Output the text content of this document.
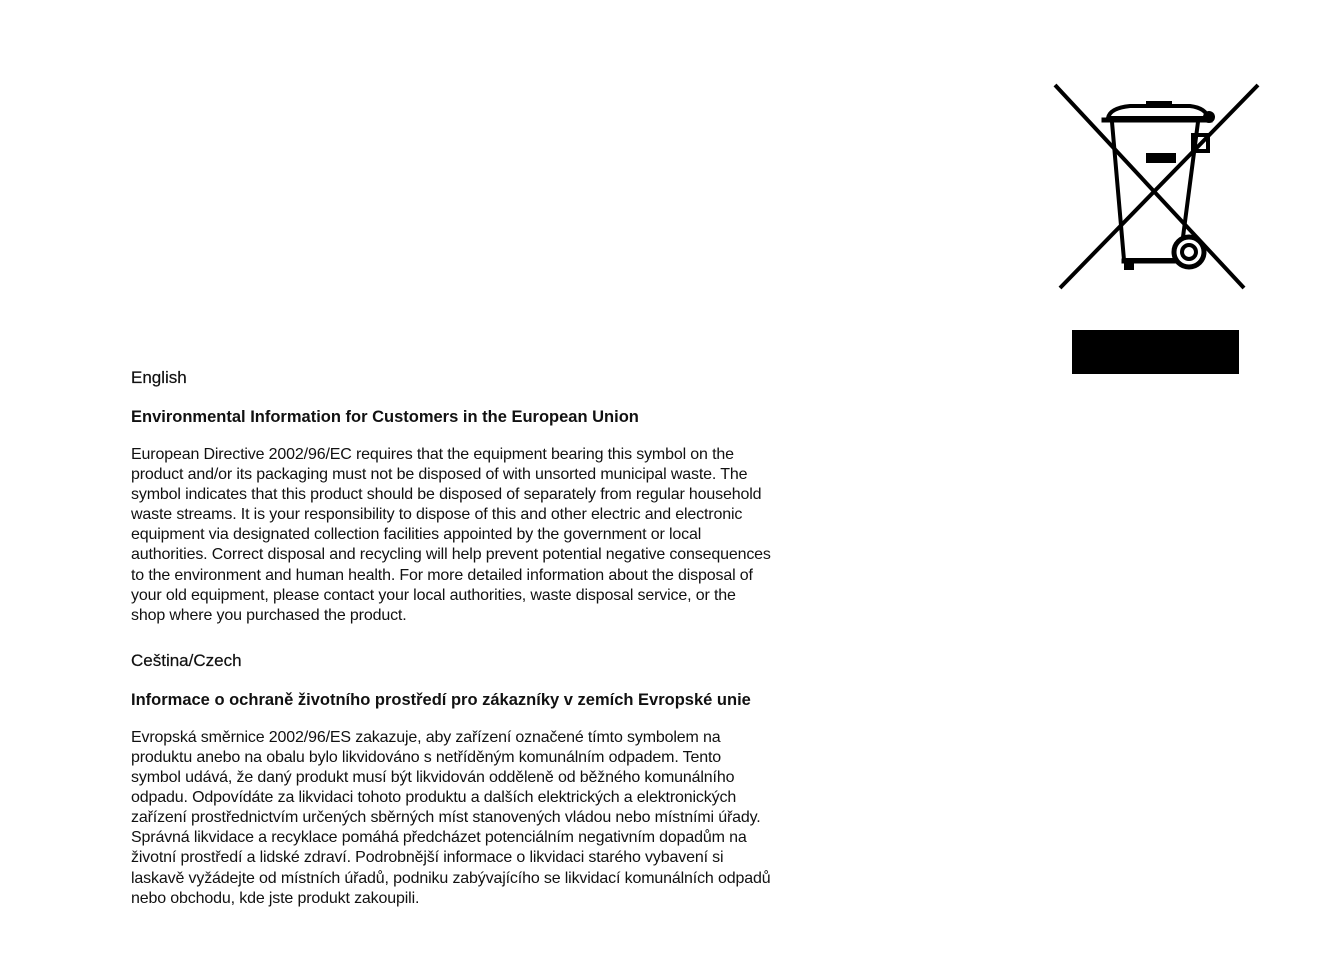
English
Environmental Information for Customers in the European Union

European Directive 2002/96/EC requires that the equipment bearing this symbol on the product and/or its packaging must not be disposed of with unsorted municipal waste. The symbol indicates that this product should be disposed of separately from regular household waste streams. It is your responsibility to dispose of this and other electric and electronic equipment via designated collection facilities appointed by the government or local authorities. Correct disposal and recycling will help prevent potential negative consequences to the environment and human health. For more detailed information about the disposal of your old equipment, please contact your local authorities, waste disposal service, or the shop where you purchased the product.

Ceština/Czech
Informace o ochraně životního prostředí pro zákazníky v zemích Evropské unie

Evropská směrnice 2002/96/ES zakazuje, aby zařízení označené tímto symbolem na produktu anebo na obalu bylo likvidováno s netříděným komunálním odpadem. Tento symbol udává, že daný produkt musí být likvidován odděleně od běžného komunálního odpadu. Odpovídáte za likvidaci tohoto produktu a dalších elektrických a elektronických zařízení prostřednictvím určených sběrných míst stanovených vládou nebo místními úřady. Správná likvidace a recyklace pomáhá předcházet potenciálním negativním dopadům na životní prostředí a lidské zdraví. Podrobnější informace o likvidaci starého vybavení si laskavě vyžádejte od místních úřadů, podniku zabývajícího se likvidací komunálních odpadů nebo obchodu, kde jste produkt zakoupili.
